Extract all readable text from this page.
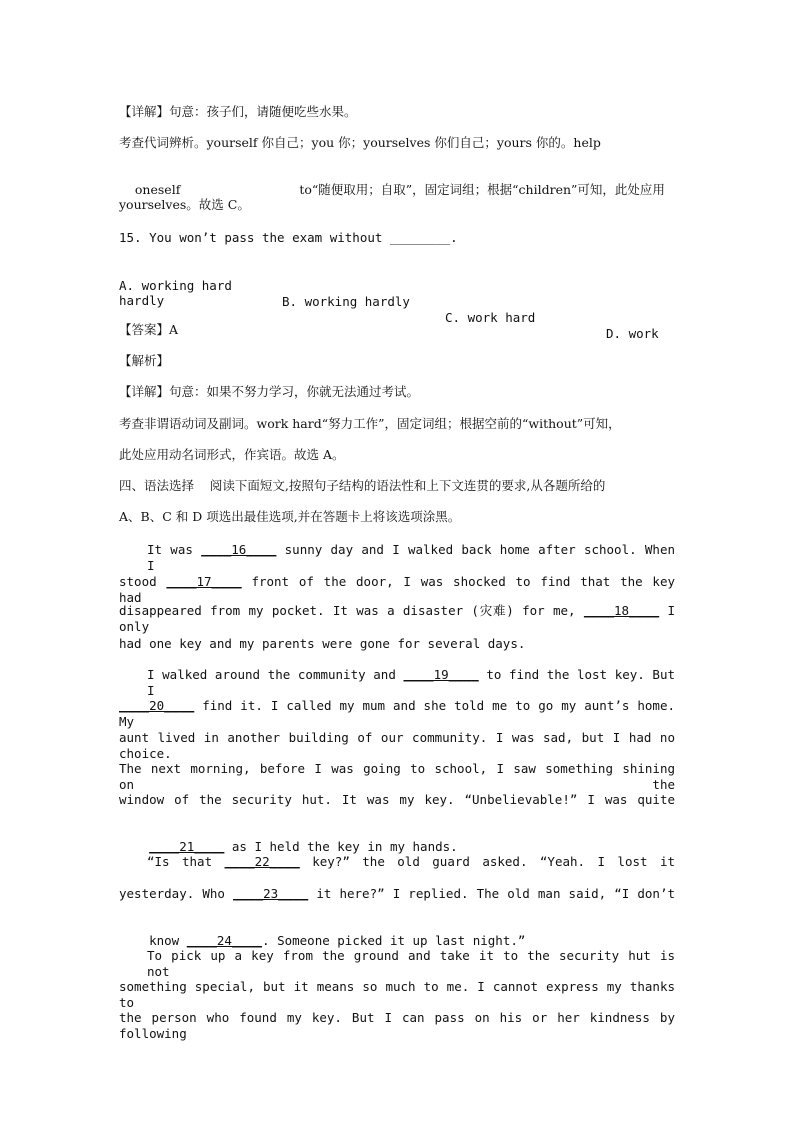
【详解】句意：孩子们，请随便吃些水果。
考查代词辨析。yourself 你自己；you 你；yourselves 你们自己；yours 你的。help

oneself	to“随便取用；自取”，固定词组；根据“children”可知，此处应用

yourselves。故选 C。
15. You won’t pass the exam without ________.

A. working hard

B. working hardly

C. work hard

D. work

hardly
【答案】A
【解析】
【详解】句意：如果不努力学习，你就无法通过考试。
考查非谓语动词及副词。work hard“努力工作”，固定词组；根据空前的“without”可知，
此处应用动名词形式，作宾语。故选 A。
四、语法选择    阅读下面短文,按照句子结构的语法性和上下文连贯的要求,从各题所给的
A、B、C 和 D 项选出最佳选项,并在答题卡上将该选项涂黑。
It was ____16____ sunny day and I walked back home after school. When I
stood ____17____ front of the door, I was shocked to find that the key had
disappeared from my pocket. It was a disaster (灾难) for me, ____18____ I only
had one key and my parents were gone for several days.
I walked around the community and ____19____ to find the lost key. But I
____20____ find it. I called my mum and she told me to go my aunt’s home. My
aunt lived in another building of our community. I was sad, but I had no choice.
The next morning, before I was going to school, I saw something shining on the
window of the security hut. It was my key. “Unbelievable!” I was quite

____21____ as I held the key in my hands.

“Is that ____22____ key?” the old guard asked. “Yeah. I lost it
yesterday. Who ____23____ it here?” I replied. The old man said, “I don’t

know ____24____. Someone picked it up last night.”

To pick up a key from the ground and take it to the security hut is not
something special, but it means so much to me. I cannot express my thanks to
the person who found my key. But I can pass on his or her kindness by following
